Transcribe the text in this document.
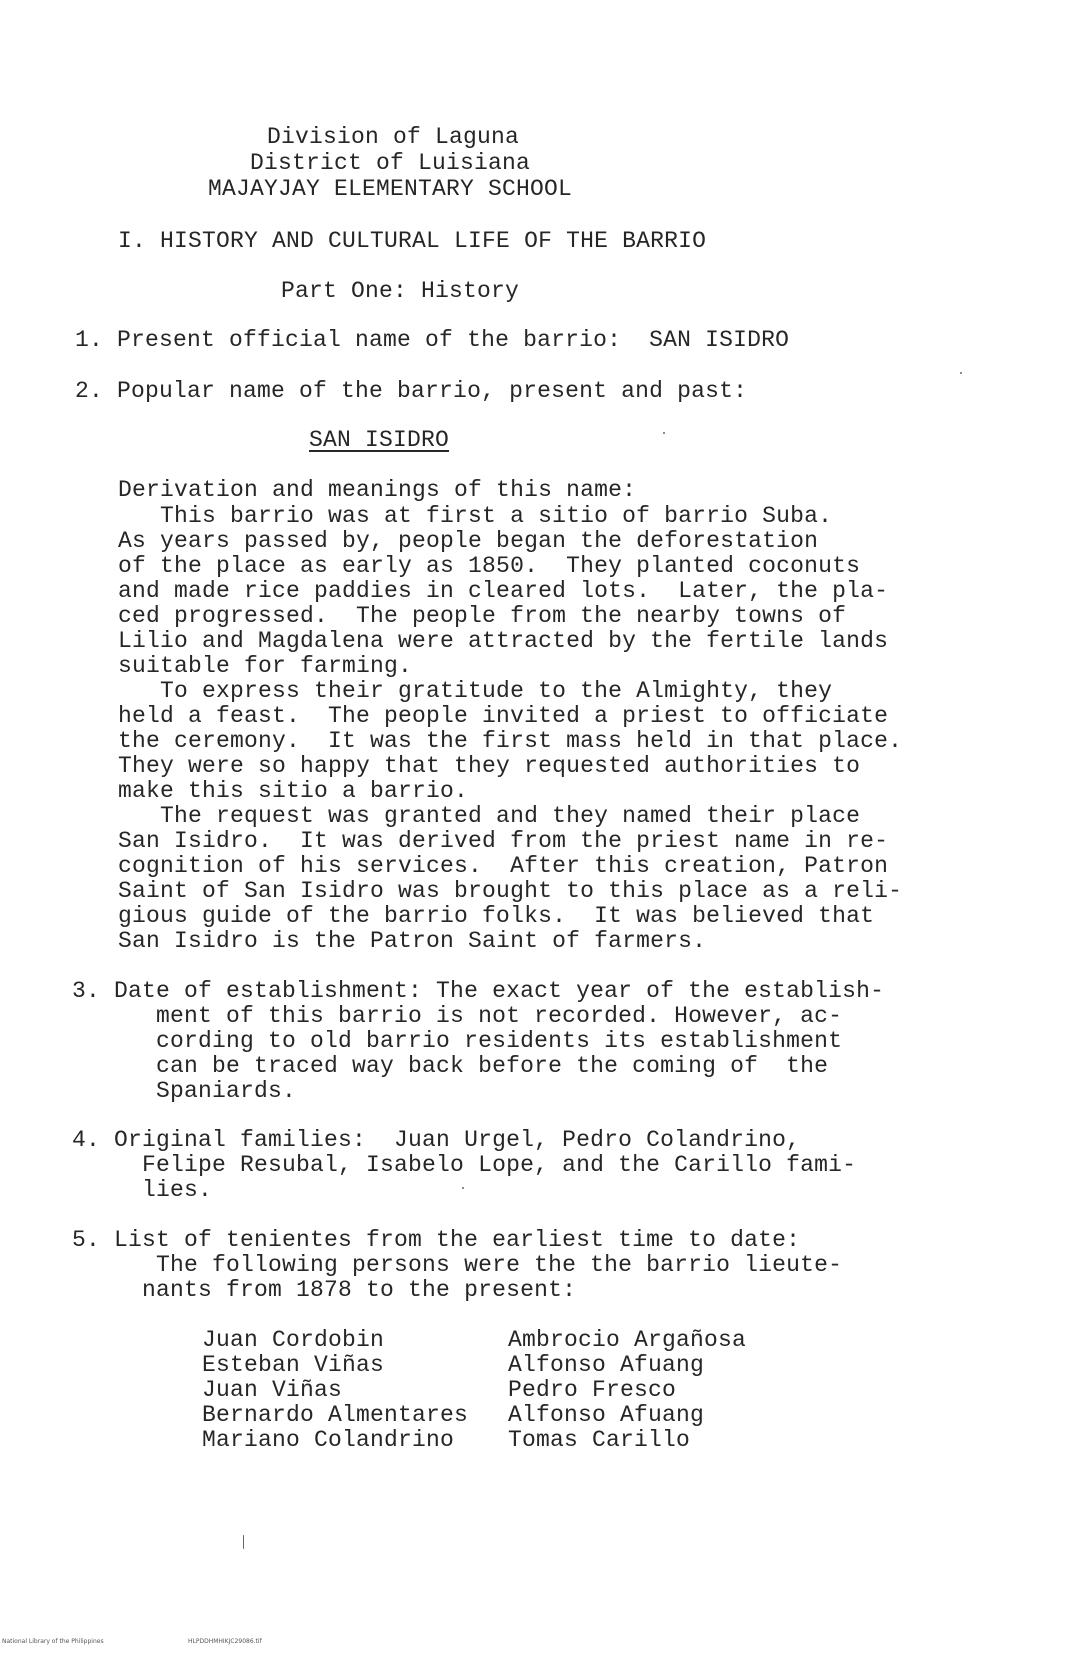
Division of Laguna
District of Luisiana
MAJAYJAY ELEMENTARY SCHOOL
I. HISTORY AND CULTURAL LIFE OF THE BARRIO
Part One: History
1. Present official name of the barrio:  SAN ISIDRO
2. Popular name of the barrio, present and past:
SAN ISIDRO
Derivation and meanings of this name:
This barrio was at first a sitio of barrio Suba.
As years passed by, people began the deforestation
of the place as early as 1850.  They planted coconuts
and made rice paddies in cleared lots.  Later, the pla-
ced progressed.  The people from the nearby towns of
Lilio and Magdalena were attracted by the fertile lands
suitable for farming.
To express their gratitude to the Almighty, they
held a feast.  The people invited a priest to officiate
the ceremony.  It was the first mass held in that place.
They were so happy that they requested authorities to
make this sitio a barrio.
The request was granted and they named their place
San Isidro.  It was derived from the priest name in re-
cognition of his services.  After this creation, Patron
Saint of San Isidro was brought to this place as a reli-
gious guide of the barrio folks.  It was believed that
San Isidro is the Patron Saint of farmers.
3. Date of establishment: The exact year of the establish-
ment of this barrio is not recorded. However, ac-
cording to old barrio residents its establishment
can be traced way back before the coming of  the
Spaniards.
4. Original families:  Juan Urgel, Pedro Colandrino,
Felipe Resubal, Isabelo Lope, and the Carillo fami-
lies.
5. List of tenientes from the earliest time to date:
The following persons were the the barrio lieute-
nants from 1878 to the present:
Juan Cordobin
Esteban Viñas
Juan Viñas
Bernardo Almentares
Mariano Colandrino
Ambrocio Argañosa
Alfonso Afuang
Pedro Fresco
Alfonso Afuang
Tomas Carillo
National Library of the Philippines	HLPDDHMHIKJC29086.tif
